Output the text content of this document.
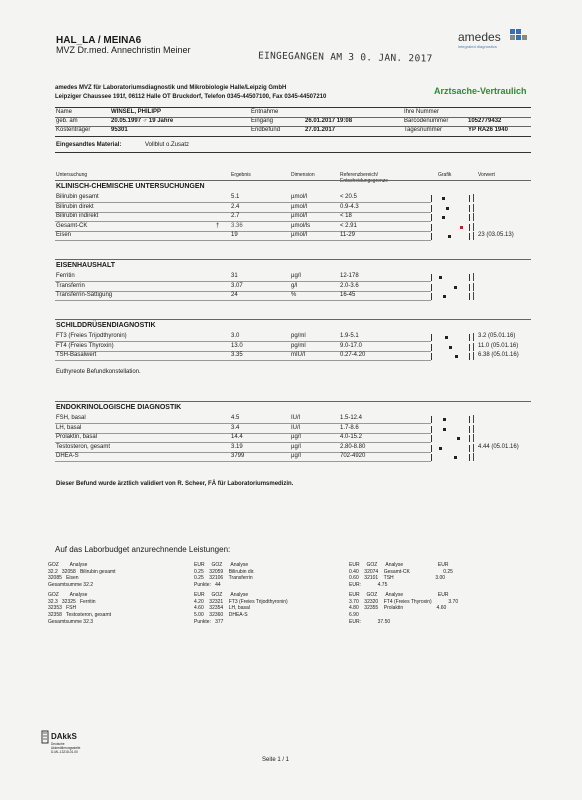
HAL_LA / MEINA6
MVZ Dr.med. Annechristin Meiner
EINGEGANGEN AM 3 0. JAN. 2017
amedes
integrated diagnostics
amedes MVZ für Laboratoriumsdiagnostik und Mikrobiologie Halle/Leipzig GmbH
Leipziger Chaussee 191f, 06112 Halle OT Bruckdorf, Telefon 0345-44507100, Fax 0345-44507210
Arztsache-Vertraulich
Name	WINSEL, PHILIPP
geb. am	20.05.1997 ♂ 19 Jahre
Kostenträger	95301
Entnahme
Eingang	26.01.2017 19:08
Endbefund	27.01.2017
Ihre Nummer
Barcodenummer	1052779432
Tagesnummer	YP RA26 1940
Eingesandtes Material:	Vollblut o.Zusatz
Untersuchung	Ergebnis	Dimension	Referenzbereich/ Entscheidungsgrenze
Grafik	Vorwert
KLINISCH-CHEMISCHE UNTERSUCHUNGEN
Bilirubin gesamt	5.1	µmol/l	< 20.5
Bilirubin direkt	2.4	µmol/l	0.9-4.3
Bilirubin indirekt	2.7	µmol/l	< 18
Gesamt-CK	† 3.36	µmol/ls	< 2.91
Eisen	19	µmol/l	11-29	23 (03.05.13)
EISENHAUSHALT
Ferritin	31	µg/l	12-178
Transferrin	3.07	g/l	2.0-3.6
Transferrin-Sättigung	24	%	16-45
SCHILDDRÜSENDIAGNOSTIK
FT3 (Freies Trijodthyronin)	3.0	pg/ml	1.9-5.1	3.2 (05.01.16)
FT4 (Freies Thyroxin)	13.0	pg/ml	9.0-17.0	11.0 (05.01.16)
TSH-Basalwert	3.35	mIU/l	0.27-4.20	6.38 (05.01.16)
Euthyreote Befundkonstellation.
ENDOKRINOLOGISCHE DIAGNOSTIK
FSH, basal	4.5	IU/l	1.5-12.4
LH, basal	3.4	IU/l	1.7-8.6
Prolaktin, basal	14.4	µg/l	4.0-15.2
Testosteron, gesamt	3.19	µg/l	2.80-8.80	4.44 (05.01.16)
DHEA-S	3799	µg/l	702-4920
Dieser Befund wurde ärztlich validiert von R. Scheer, FÄ für Laboratoriumsmedizin.
Auf das Laborbudget anzurechnende Leistungen:
GOZ        Analyse
32.2   32058   Bilirubin gesamt
32085   Eisen
Gesamtsumme 32.2
GOZ        Analyse
32.3   32325   Ferritin
32353   FSH
32358   Testosteron, gesamt
Gesamtsumme 32.3
EUR     GOZ      Analyse
0.25    32059    Bilirubin dir.
0.25    32106    Transferrin
Punkte:   44
EUR     GOZ      Analyse
4.20    32321    FT3 (Freies Trijodthyronin)
4.60    32354    LH, basal
5.00    32360    DHEA-S
Punkte:   377
EUR     GOZ      Analyse                         EUR
0.40    32074    Gesamt-CK                        0.25
0.60    32101    TSH                              3.00
EUR:            4.75
EUR     GOZ      Analyse                         EUR
3.70    32320    FT4 (Freies Thyroxin)            3.70
4.80    32355    Prolaktin                        4.60
6.90
EUR:            37.50
DAkkS
Deutsche Akkreditierungsstelle D-ML-13218-01-00
Seite 1 / 1
